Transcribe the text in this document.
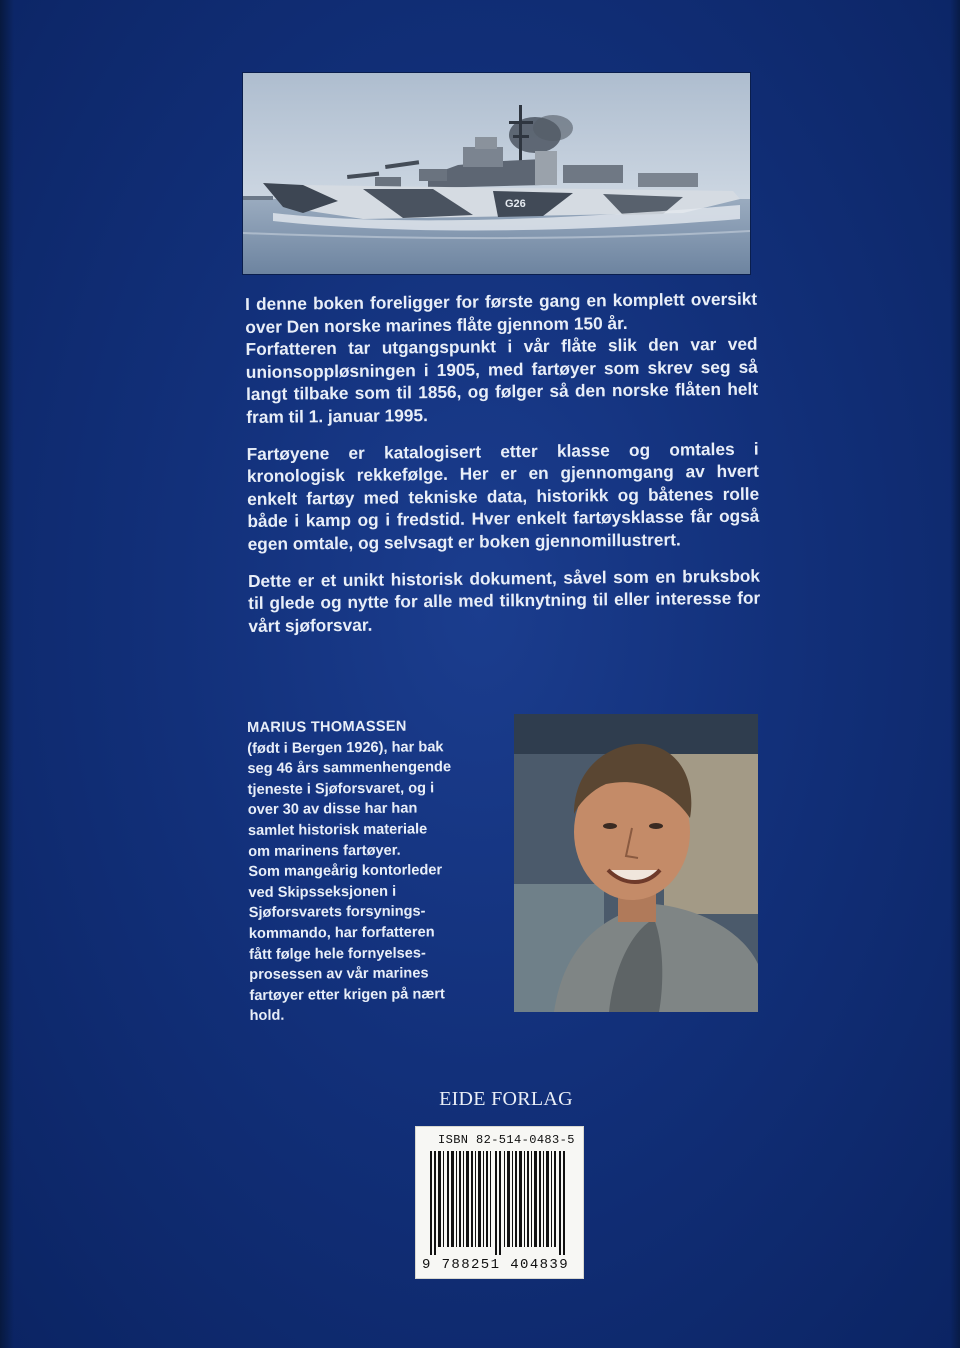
G26

I denne boken foreligger for første gang en komplett oversikt over Den norske marines flåte gjennom 150 år.
Forfatteren tar utgangspunkt i vår flåte slik den var ved unionsoppløsningen i 1905, med fartøyer som skrev seg så langt tilbake som til 1856, og følger så den norske flåten helt fram til 1. januar 1995.

Fartøyene er katalogisert etter klasse og omtales i kronologisk rekkefølge. Her er en gjennomgang av hvert enkelt fartøy med tekniske data, historikk og båtenes rolle både i kamp og i fredstid. Hver enkelt fartøysklasse får også egen omtale, og selvsagt er boken gjennomillustrert.

Dette er et unikt historisk dokument, såvel som en bruksbok til glede og nytte for alle med tilknytning til eller interesse for vårt sjøforsvar.

MARIUS THOMASSEN
(født i Bergen 1926), har bak
seg 46 års sammenhengende
tjeneste i Sjøforsvaret, og i
over 30 av disse har han
samlet historisk materiale
om marinens fartøyer.
Som mangeårig kontorleder
ved Skipsseksjonen i
Sjøforsvarets forsynings-
kommando, har forfatteren
fått følge hele fornyelses-
prosessen av vår marines
fartøyer etter krigen på nært
hold.
EIDE FORLAG
ISBN 82-514-0483-5
9 788251 404839
